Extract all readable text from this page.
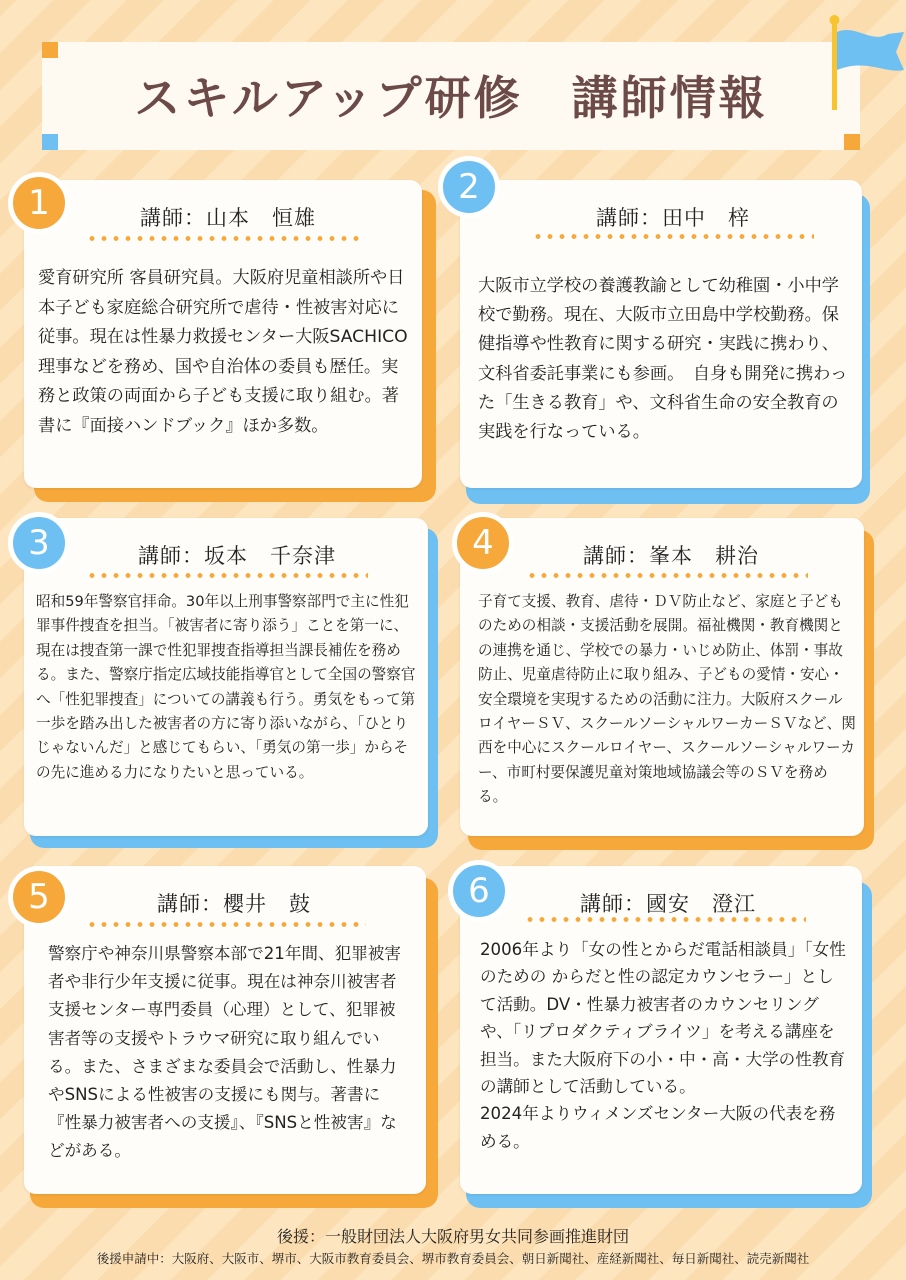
スキルアップ研修　講師情報
講師：山本　恒雄
愛育研究所 客員研究員。大阪府児童相談所や日本子ども家庭総合研究所で虐待・性被害対応に従事。現在は性暴力救援センター大阪SACHICO理事などを務め、国や自治体の委員も歴任。実務と政策の両面から子ども支援に取り組む。著書に『面接ハンドブック』ほか多数。
1	講師：田中　梓
大阪市立学校の養護教諭として幼稚園・小中学校で勤務。現在、大阪市立田島中学校勤務。保健指導や性教育に関する研究・実践に携わり、文科省委託事業にも参画。　自身も開発に携わった「生きる教育」や、文科省生命の安全教育の実践を行なっている。
2
講師：坂本　千奈津
昭和59年警察官拝命。30年以上刑事警察部門で主に性犯罪事件捜査を担当。「被害者に寄り添う」ことを第一に、現在は捜査第一課で性犯罪捜査指導担当課長補佐を務める。また、警察庁指定広域技能指導官として全国の警察官へ「性犯罪捜査」についての講義も行う。勇気をもって第一歩を踏み出した被害者の方に寄り添いながら、「ひとりじゃないんだ」と感じてもらい、「勇気の第一歩」からその先に進める力になりたいと思っている。
3	講師：峯本　耕治
子育て支援、教育、虐待・ＤＶ防止など、家庭と子どものための相談・支援活動を展開。福祉機関・教育機関との連携を通じ、学校での暴力・いじめ防止、体罰・事故防止、児童虐待防止に取り組み、子どもの愛情・安心・安全環境を実現するための活動に注力。大阪府スクールロイヤーＳＶ、スクールソーシャルワーカーＳＶなど、関西を中心にスクールロイヤー、スクールソーシャルワーカー、市町村要保護児童対策地域協議会等のＳＶを務める。
4
講師：櫻井　鼓
警察庁や神奈川県警察本部で21年間、犯罪被害者や非行少年支援に従事。現在は神奈川被害者支援センター専門委員（心理）として、犯罪被害者等の支援やトラウマ研究に取り組んでいる。また、さまざまな委員会で活動し、性暴力やSNSによる性被害の支援にも関与。著書に『性暴力被害者への支援』、『SNSと性被害』などがある。
5	講師：國安　澄江
2006年より「女の性とからだ電話相談員」「女性のための からだと性の認定カウンセラー」として活動。DV・性暴力被害者のカウンセリングや、「リプロダクティブライツ」を考える講座を担当。また大阪府下の小・中・高・大学の性教育の講師として活動している。
2024年よりウィメンズセンター大阪の代表を務める。
6
後援：一般財団法人大阪府男女共同参画推進財団
後援申請中：大阪府、大阪市、堺市、大阪市教育委員会、堺市教育委員会、朝日新聞社、産経新聞社、毎日新聞社、読売新聞社
